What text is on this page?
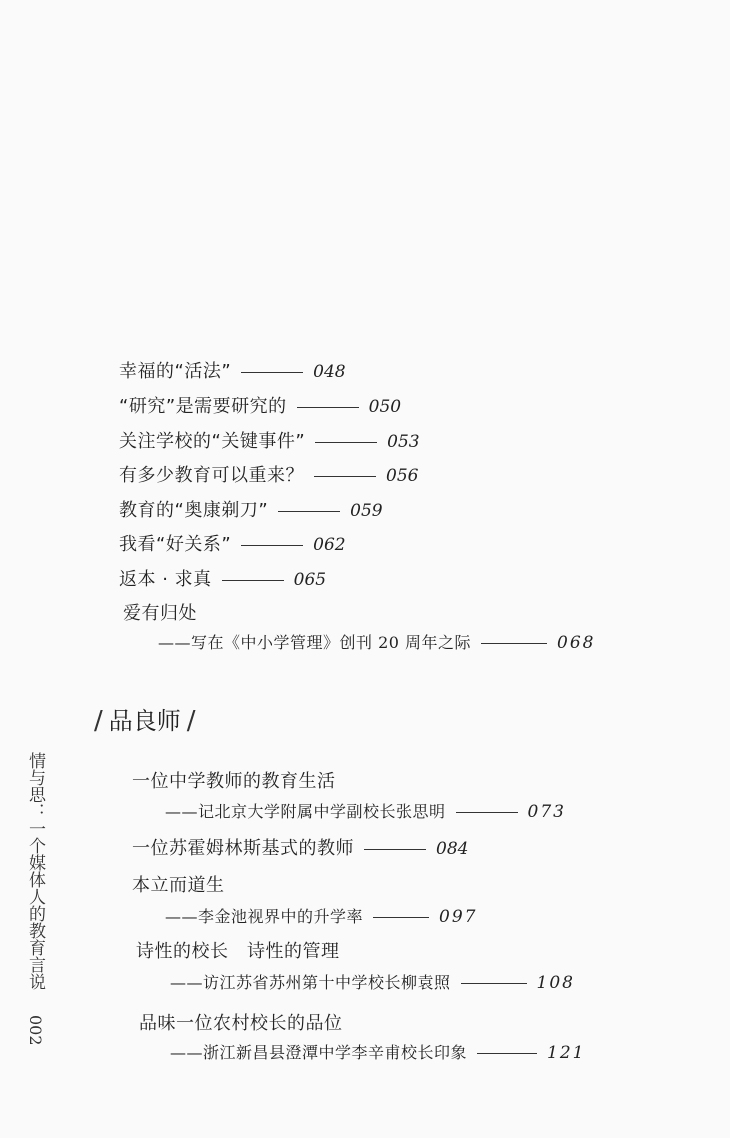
幸福的“活法”	048
“研究”是需要研究的	050
关注学校的“关键事件”	053
有多少教育可以重来？	056
教育的“奥康剃刀”	059
我看“好关系”	062
返本 · 求真	065
爱有归处
——写在《中小学管理》创刊 20 周年之际	068
/ 品良师 /
一位中学教师的教育生活
——记北京大学附属中学副校长张思明	073
一位苏霍姆林斯基式的教师	084
本立而道生
——李金池视界中的升学率	097
诗性的校长　诗性的管理
——访江苏省苏州第十中学校长柳袁照	108
品味一位农村校长的品位
——浙江新昌县澄潭中学李辛甫校长印象	121
情与思：一个媒体人的教育言说
002
